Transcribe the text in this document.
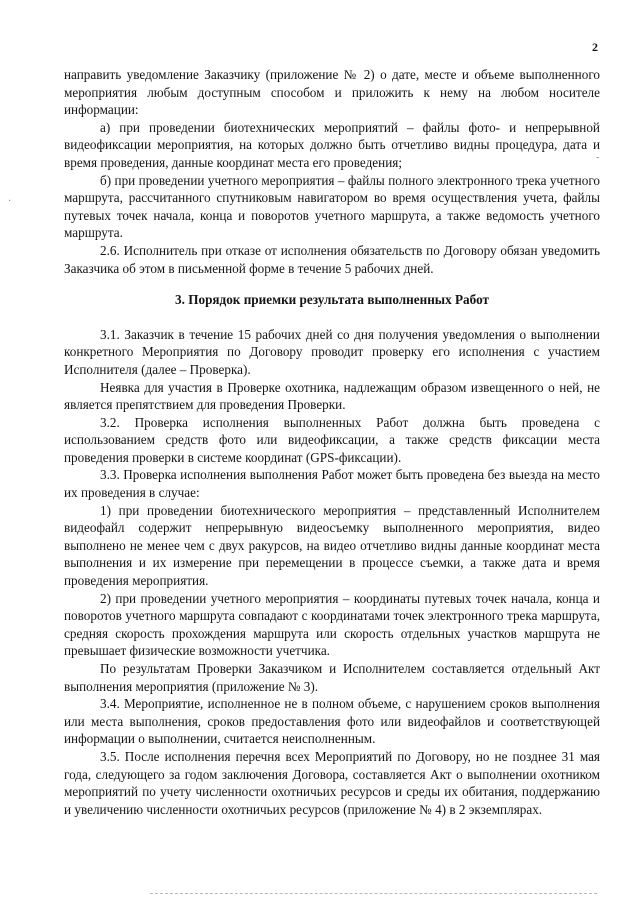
2

направить уведомление Заказчику (приложение № 2) о дате, месте и объеме выполненного мероприятия любым доступным способом и приложить к нему на любом носителе информации:

а) при проведении биотехнических мероприятий – файлы фото- и непрерывной видеофиксации мероприятия, на которых должно быть отчетливо видны процедура, дата и время проведения, данные координат места его проведения;

б) при проведении учетного мероприятия – файлы полного электронного трека учетного маршрута, рассчитанного спутниковым навигатором во время осуществления учета, файлы путевых точек начала, конца и поворотов учетного маршрута, а также ведомость учетного маршрута.

2.6. Исполнитель при отказе от исполнения обязательств по Договору обязан уведомить Заказчика об этом в письменной форме в течение 5 рабочих дней.

3. Порядок приемки результата выполненных Работ

3.1. Заказчик в течение 15 рабочих дней со дня получения уведомления о выполнении конкретного Мероприятия по Договору проводит проверку его исполнения с участием Исполнителя (далее – Проверка).

Неявка для участия в Проверке охотника, надлежащим образом извещенного о ней, не является препятствием для проведения Проверки.

3.2. Проверка исполнения выполненных Работ должна быть проведена с использованием средств фото или видеофиксации, а также средств фиксации места проведения проверки в системе координат (GPS-фиксации).

3.3. Проверка исполнения выполнения Работ может быть проведена без выезда на место их проведения в случае:

1) при проведении биотехнического мероприятия – представленный Исполнителем видеофайл содержит непрерывную видеосъемку выполненного мероприятия, видео выполнено не менее чем с двух ракурсов, на видео отчетливо видны данные координат места выполнения и их измерение при перемещении в процессе съемки, а также дата и время проведения мероприятия.

2) при проведении учетного мероприятия – координаты путевых точек начала, конца и поворотов учетного маршрута совпадают с координатами точек электронного трека маршрута, средняя скорость прохождения маршрута или скорость отдельных участков маршрута не превышает физические возможности учетчика.

По результатам Проверки Заказчиком и Исполнителем составляется отдельный Акт выполнения мероприятия (приложение № 3).

3.4. Мероприятие, исполненное не в полном объеме, с нарушением сроков выполнения или места выполнения, сроков предоставления фото или видеофайлов и соответствующей информации о выполнении, считается неисполненным.

3.5. После исполнения перечня всех Мероприятий по Договору, но не позднее 31 мая года, следующего за годом заключения Договора, составляется Акт о выполнении охотником мероприятий по учету численности охотничьих ресурсов и среды их обитания, поддержанию и увеличению численности охотничьих ресурсов (приложение № 4) в 2 экземплярах.

·
-
